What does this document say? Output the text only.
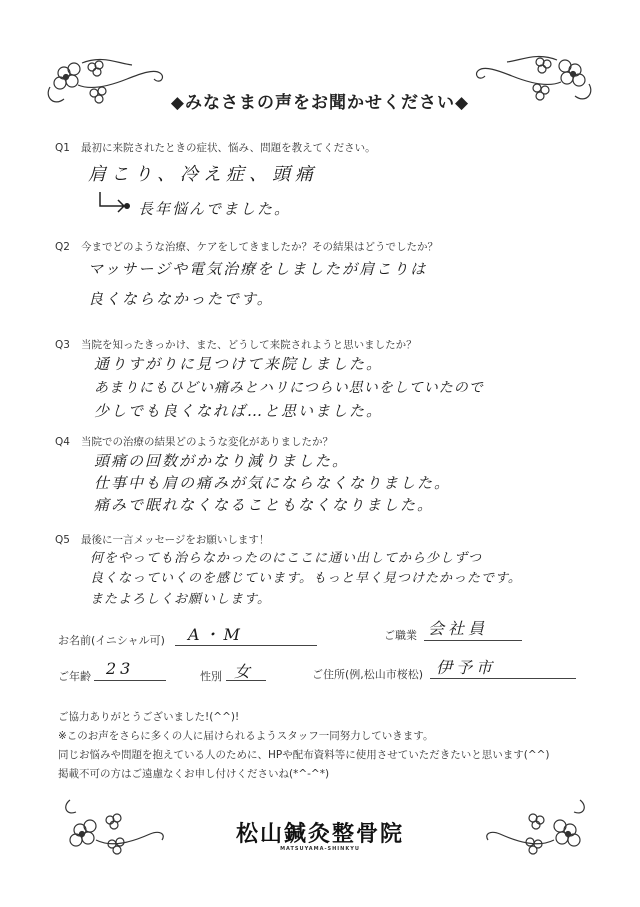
◆みなさまの声をお聞かせください◆
Q1 最初に来院されたときの症状、悩み、問題を教えてください。
肩こり、冷え症、頭痛
長年悩んでました。
Q2 今までどのような治療、ケアをしてきましたか？その結果はどうでしたか？
マッサージや電気治療をしましたが肩こりは
良くならなかったです。
Q3 当院を知ったきっかけ、また、どうして来院されようと思いましたか？
通りすがりに見つけて来院しました。
あまりにもひどい痛みとハリにつらい思いをしていたので
少しでも良くなれば…と思いました。
Q4 当院での治療の結果どのような変化がありましたか？
頭痛の回数がかなり減りました。
仕事中も肩の痛みが気にならなくなりました。
痛みで眠れなくなることもなくなりました。
Q5 最後に一言メッセージをお願いします！
何をやっても治らなかったのにここに通い出してから少しずつ
良くなっていくのを感じています。もっと早く見つけたかったです。
またよろしくお願いします。
お名前(イニシャル可) A・M	ご職業 会社員
ご年齢 23	性別 女	ご住所(例,松山市桜松) 伊予市
ご協力ありがとうございました!(^^)!
※このお声をさらに多くの人に届けられるようスタッフ一同努力していきます。
同じお悩みや問題を抱えている人のために、HPや配布資料等に使用させていただきたいと思います(^^)
掲載不可の方はご遠慮なくお申し付けくださいね(*^-^*)
松山鍼灸整骨院
MATSUYAMA-SHINKYU
